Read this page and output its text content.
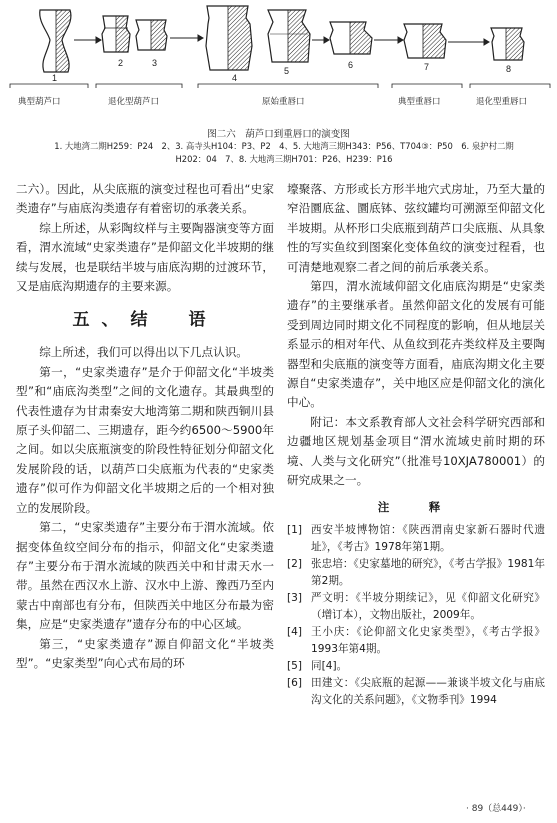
1
2	3
4
5
6	7	8
典型葫芦口	退化型葫芦口	原始重唇口	典型重唇口	退化型重唇口
图二六　葫芦口到重唇口的演变图
1. 大地湾二期H259：P24　2、3. 高寺头H104：P3、P2　4、5. 大地湾三期H343：P56、T704③：P50　6. 泉护村二期
H202：04　7、8. 大地湾三期H701：P26、H239：P16

二六）。因此，从尖底瓶的演变过程也可看出“史家类遗存”与庙底沟类遗存有着密切的承袭关系。

综上所述，从彩陶纹样与主要陶器演变等方面看，渭水流域“史家类遗存”是仰韶文化半坡期的继续与发展，也是联结半坡与庙底沟期的过渡环节，又是庙底沟期遗存的主要来源。

五、结　语

综上所述，我们可以得出以下几点认识。

第一，“史家类遗存”是介于仰韶文化“半坡类型”和“庙底沟类型”之间的文化遗存。其最典型的代表性遗存为甘肃秦安大地湾第二期和陕西铜川县原子头仰韶二、三期遗存，距今约6500～5900年之间。如以尖底瓶演变的阶段性特征划分仰韶文化发展阶段的话，以葫芦口尖底瓶为代表的“史家类遗存”似可作为仰韶文化半坡期之后的一个相对独立的发展阶段。

第二，“史家类遗存”主要分布于渭水流域。依据变体鱼纹空间分布的指示，仰韶文化“史家类遗存”主要分布于渭水流域的陕西关中和甘肃天水一带。虽然在西汉水上游、汉水中上游、豫西乃至内蒙古中南部也有分布，但陕西关中地区分布最为密集，应是“史家类遗存”遗存分布的中心区域。

第三，“史家类遗存”源自仰韶文化“半坡类型”。“史家类型”向心式布局的环

壕聚落、方形或长方形半地穴式房址，乃至大量的窄沿圜底盆、圜底钵、弦纹罐均可溯源至仰韶文化半坡期。从杯形口尖底瓶到葫芦口尖底瓶、从具象性的写实鱼纹到图案化变体鱼纹的演变过程看，也可清楚地观察二者之间的前后承袭关系。

第四，渭水流域仰韶文化庙底沟期是“史家类遗存”的主要继承者。虽然仰韶文化的发展有可能受到周边同时期文化不同程度的影响，但从地层关系显示的相对年代、从鱼纹到花卉类纹样及主要陶器型和尖底瓶的演变等方面看，庙底沟期文化主要源自“史家类遗存”，关中地区应是仰韶文化的演化中心。

附记：本文系教育部人文社会科学研究西部和边疆地区规划基金项目“渭水流域史前时期的环境、人类与文化研究”（批准号10XJA780001）的研究成果之一。

注　释
[1] 西安半坡博物馆：《陕西渭南史家新石器时代遗址》，《考古》1978年第1期。
[2] 张忠培：《史家墓地的研究》，《考古学报》1981年第2期。
[3] 严文明：《半坡分期续记》，见《仰韶文化研究》（增订本），文物出版社，2009年。
[4] 王小庆：《论仰韶文化史家类型》，《考古学报》1993年第4期。
[5] 同[4]。
[6] 田建文：《尖底瓶的起源——兼谈半坡文化与庙底沟文化的关系问题》，《文物季刊》1994
· 89（总449）·
